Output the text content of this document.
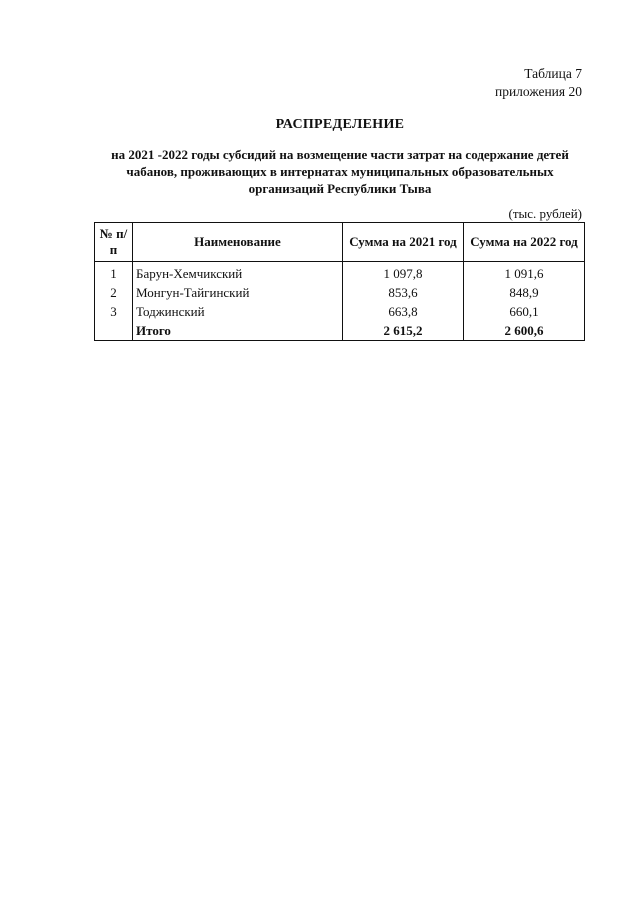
Таблица 7
приложения 20
РАСПРЕДЕЛЕНИЕ
на 2021 -2022 годы субсидий на возмещение части затрат на содержание детей
чабанов, проживающих в интернатах муниципальных образовательных
организаций Республики Тыва
(тыс. рублей)
№ п/п	Наименование	Сумма на 2021 год	Сумма на 2022 год
1	Барун-Хемчикский	1 097,8	1 091,6
2	Монгун-Тайгинский	853,6	848,9
3	Тоджинский	663,8	660,1
	Итого	2 615,2	2 600,6
